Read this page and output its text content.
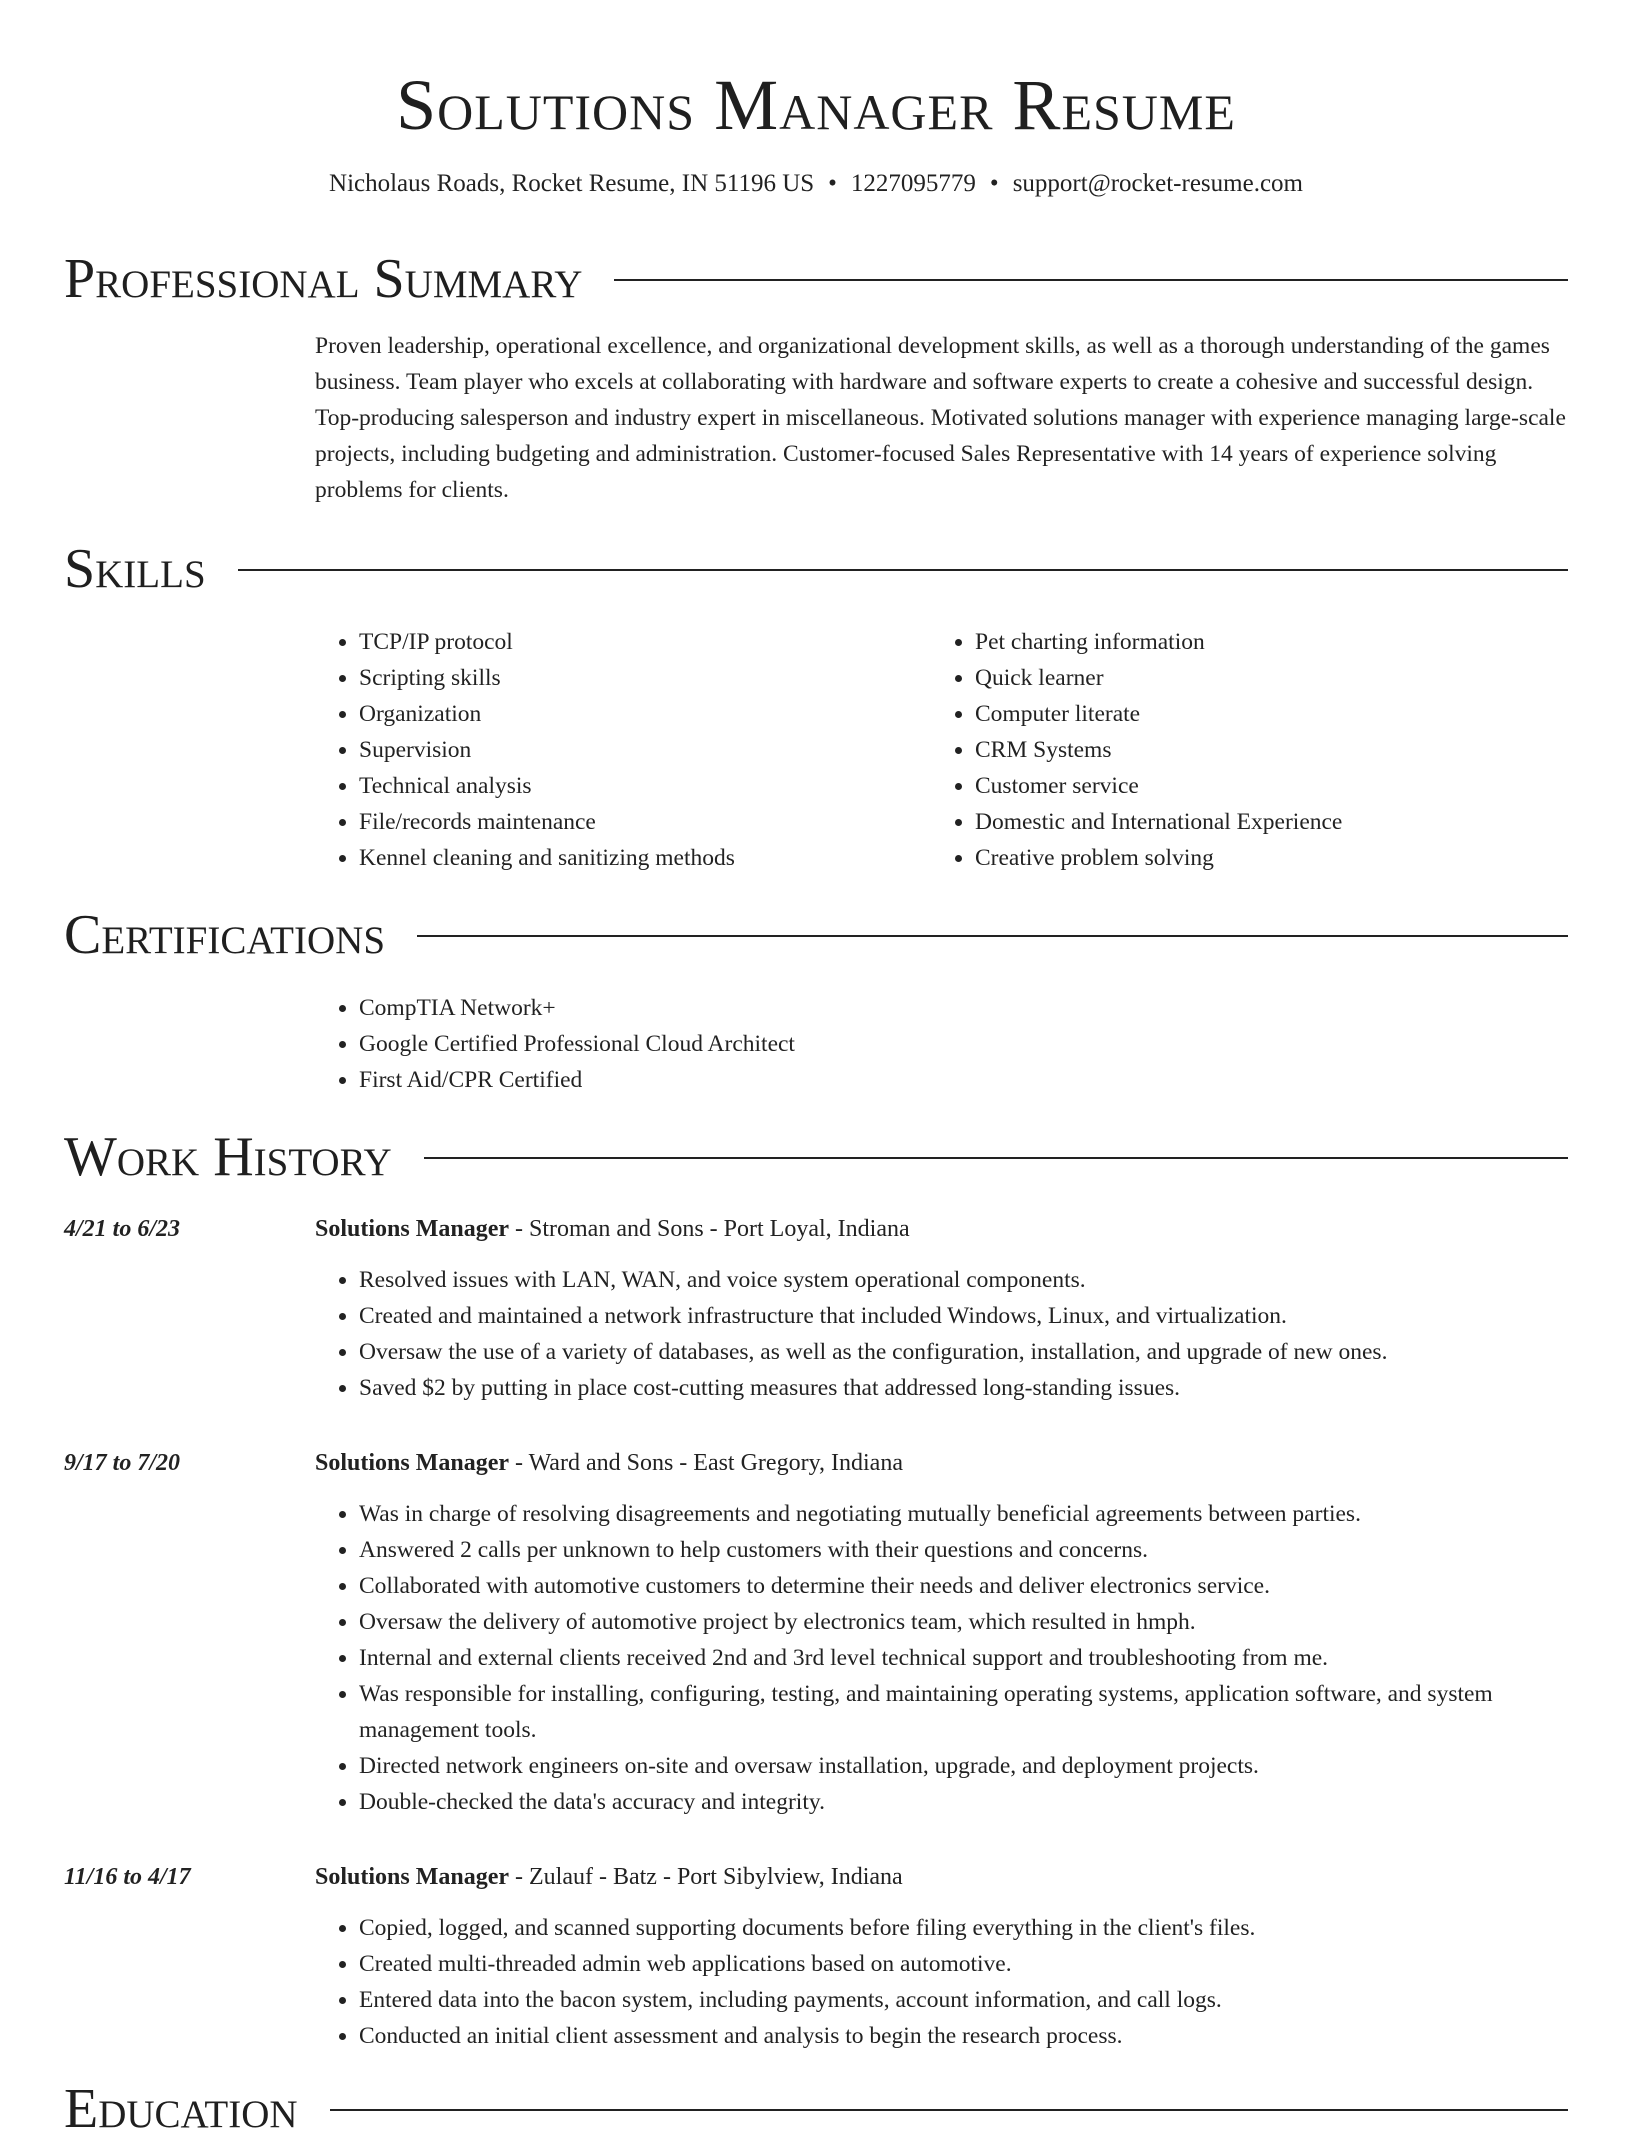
Solutions Manager Resume
Nicholaus Roads, Rocket Resume, IN 51196 US • 1227095779 • support@rocket-resume.com
Professional Summary

Proven leadership, operational excellence, and organizational development skills, as well as a thorough understanding of the games business. Team player who excels at collaborating with hardware and software experts to create a cohesive and successful design. Top-producing salesperson and industry expert in miscellaneous. Motivated solutions manager with experience managing large-scale projects, including budgeting and administration. Customer-focused Sales Representative with 14 years of experience solving problems for clients.

Skills
• TCP/IP protocol
• Scripting skills
• Organization
• Supervision
• Technical analysis
• File/records maintenance
• Kennel cleaning and sanitizing methods
• Pet charting information
• Quick learner
• Computer literate
• CRM Systems
• Customer service
• Domestic and International Experience
• Creative problem solving
Certifications
• CompTIA Network+
• Google Certified Professional Cloud Architect
• First Aid/CPR Certified
Work History
4/21 to 6/23	Solutions Manager - Stroman and Sons - Port Loyal, Indiana
• Resolved issues with LAN, WAN, and voice system operational components.
• Created and maintained a network infrastructure that included Windows, Linux, and virtualization.
• Oversaw the use of a variety of databases, as well as the configuration, installation, and upgrade of new ones.
• Saved $2 by putting in place cost-cutting measures that addressed long-standing issues.
9/17 to 7/20	Solutions Manager - Ward and Sons - East Gregory, Indiana
• Was in charge of resolving disagreements and negotiating mutually beneficial agreements between parties.
• Answered 2 calls per unknown to help customers with their questions and concerns.
• Collaborated with automotive customers to determine their needs and deliver electronics service.
• Oversaw the delivery of automotive project by electronics team, which resulted in hmph.
• Internal and external clients received 2nd and 3rd level technical support and troubleshooting from me.
• Was responsible for installing, configuring, testing, and maintaining operating systems, application software, and system management tools.
• Directed network engineers on-site and oversaw installation, upgrade, and deployment projects.
• Double-checked the data's accuracy and integrity.
11/16 to 4/17	Solutions Manager - Zulauf - Batz - Port Sibylview, Indiana
• Copied, logged, and scanned supporting documents before filing everything in the client's files.
• Created multi-threaded admin web applications based on automotive.
• Entered data into the bacon system, including payments, account information, and call logs.
• Conducted an initial client assessment and analysis to begin the research process.
Education
